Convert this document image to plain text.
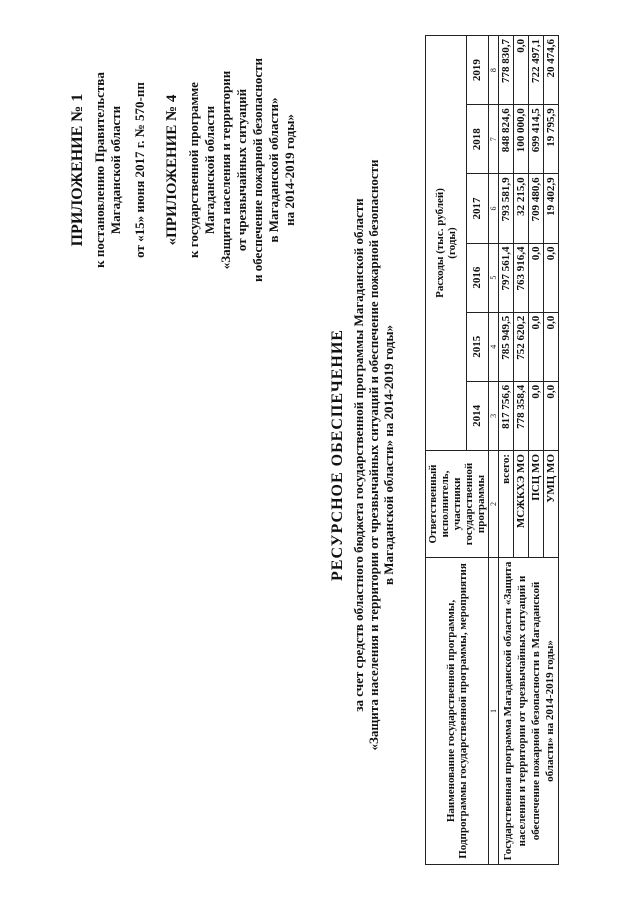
ПРИЛОЖЕНИЕ № 1 к постановлению Правительства Магаданской области от «15» июня 2017 г. № 570-пп «ПРИЛОЖЕНИЕ № 4 к государственной программе Магаданской области «Защита населения и территории от чрезвычайных ситуаций и обеспечение пожарной безопасности в Магаданской области» на 2014-2019 годы»
РЕСУРСНОЕ ОБЕСПЕЧЕНИЕ за счет средств областного бюджета государственной программы Магаданской области «Защита населения и территории от чрезвычайных ситуаций и обеспечение пожарной безопасности в Магаданской области» на 2014-2019 годы»
Наименование государственной программы, Подпрограммы государственной программы, мероприятия	Ответственный исполнитель, участники государственной программы	Расходы (тыс. рублей) (годы)					

		2014	2015	2016	2017	2018	2019
1	2	3	4	5	6	7	8
Государственная программа Магаданской области «Защита населения и территории от чрезвычайных ситуаций и обеспечение пожарной безопасности в Магаданской области» на 2014-2019 годы»	всего:	817 756,6	785 949,5	797 561,4	793 581,9	848 824,6	778 830,7
	МСЖКХЭ МО	778 358,4	752 620,2	763 916,4	32 215,0	100 000,0	0,0
	ПСЦ МО	0,0	0,0	0,0	709 480,6	699 414,5	722 497,1
	УМЦ МО	0,0	0,0	0,0	19 402,9	19 795,9	20 474,6
